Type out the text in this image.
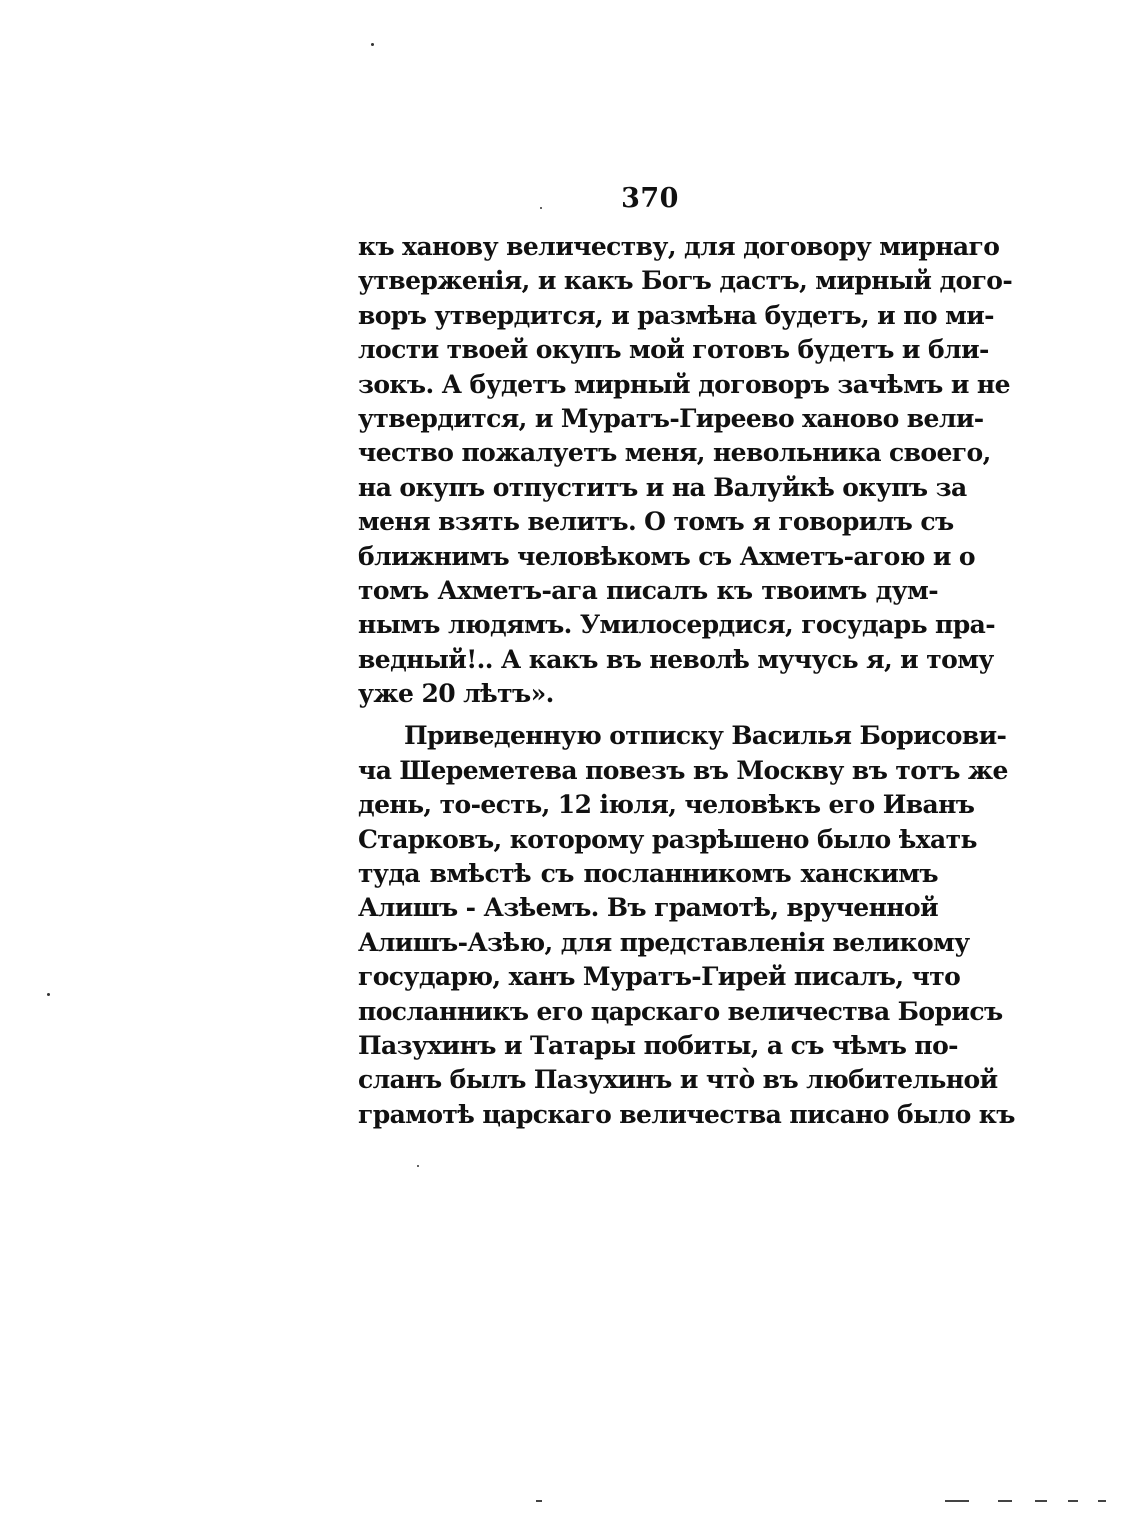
370
къ ханову величеству, для договору мирнаго
утверженія, и какъ Богъ дастъ, мирный дого-
воръ утвердится, и размѣна будетъ, и по ми-
лости твоей окупъ мой готовъ будетъ и бли-
зокъ. А будетъ мирный договоръ зачѣмъ и не
утвердится, и Муратъ-Гиреево ханово вели-
чество пожалуетъ меня, невольника своего,
на окупъ отпуститъ и на Валуйкѣ окупъ за
меня взять велитъ. О томъ я говорилъ съ
ближнимъ человѣкомъ съ Ахметъ-агою и о
томъ Ахметъ-ага писалъ къ твоимъ дум-
нымъ людямъ. Умилосердися, государь пра-
ведный!.. А какъ въ неволѣ мучусь я, и тому
уже 20 лѣтъ».
Приведенную отписку Василья Борисови-
ча Шереметева повезъ въ Москву въ тотъ же
день, то-есть, 12 іюля, человѣкъ его Иванъ
Старковъ, которому разрѣшено было ѣхать
туда вмѣстѣ съ посланникомъ ханскимъ
Алишъ - Азѣемъ. Въ грамотѣ, врученной
Алишъ-Азѣю, для представленія великому
государю, ханъ Муратъ-Гирей писалъ, что
посланникъ его царскаго величества Борисъ
Пазухинъ и Татары побиты, а съ чѣмъ по-
сланъ былъ Пазухинъ и что̀ въ любительной
грамотѣ царскаго величества писано было къ
